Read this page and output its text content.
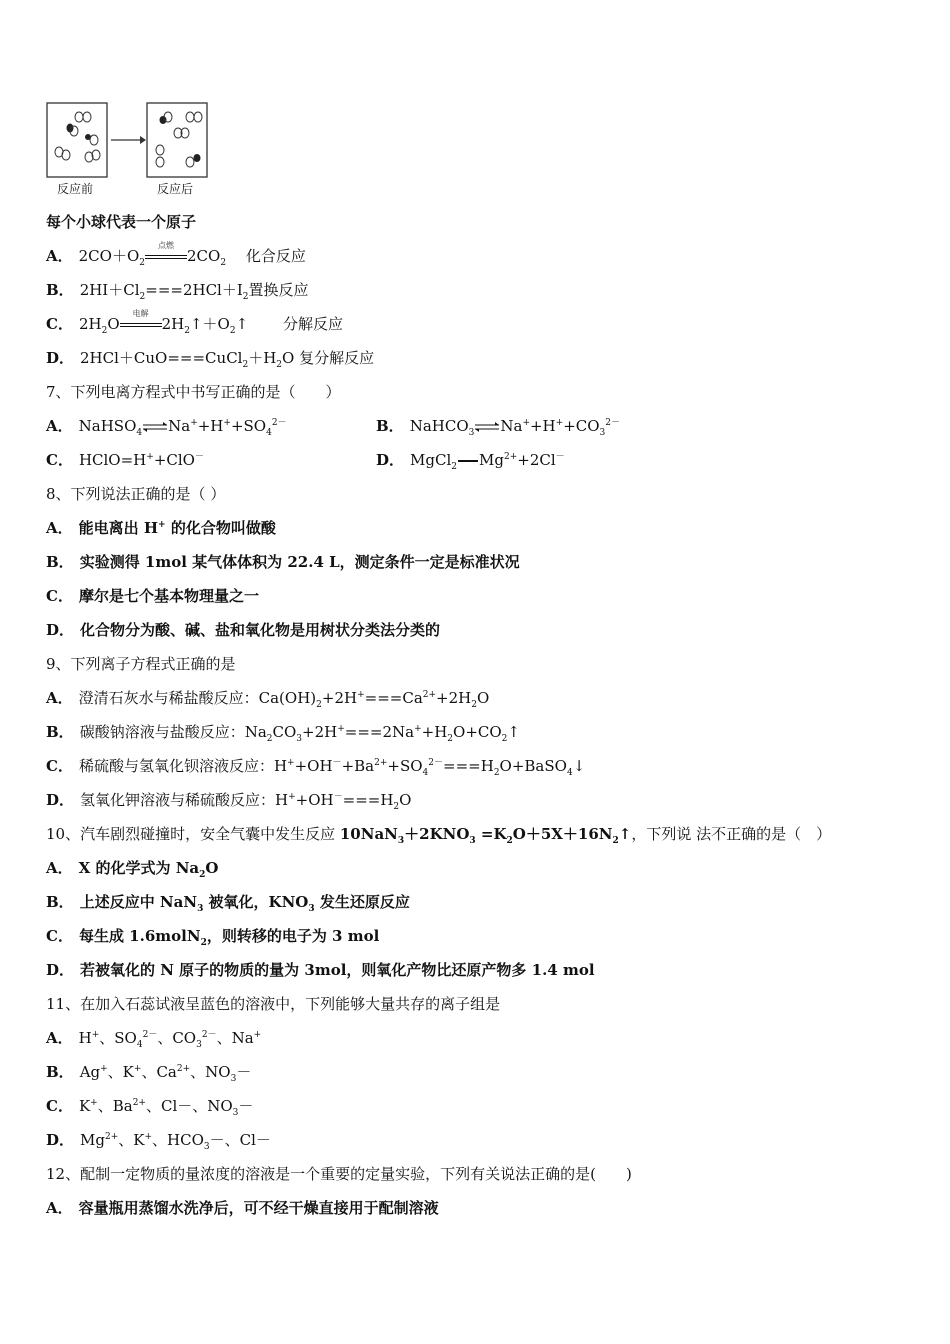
反应前	反应后
每个小球代表一个原子
A． $2CO+O_2$
点燃
$2CO_2$　 化合反应
B． $2HI+Cl_2===2HCl+I_2$置换反应
C． $2H_2O$
电解
$2H_2↑+O_2↑$　 　 分解反应
D． $2HCl+CuO===CuCl_2+H_2O$ 复分解反应
7、下列电离方程式中书写正确的是（　　）
A． NaHSO$_4$ $\rightleftharpoons Na^++H^++SO_4^{2-}$	B． NaHCO$_3$ $\rightleftharpoons Na^++H^++CO_3^{2-}$
C． HClO=H++ClO－	D． MgCl$_2$ $Mg^{2+}+2Cl^-$
8、下列说法正确的是（ ）
A． 能电离出 H+ 的化合物叫做酸
B． 实验测得 1mol 某气体体积为 22.4 L，测定条件一定是标准状况
C． 摩尔是七个基本物理量之一
D． 化合物分为酸、碱、盐和氧化物是用树状分类法分类的
9、下列离子方程式正确的是
A． 澄清石灰水与稀盐酸反应：$Ca(OH)_2+2H^+===Ca^{2+}+2H_2O$
B． 碳酸钠溶液与盐酸反应：$Na_2CO_3+2H^+===2Na^++H_2O+CO_2↑$
C． 稀硫酸与氢氧化钡溶液反应：$H^++OH^-+Ba^{2+}+SO_4^{2-}===H_2O+BaSO_4↓$
D． 氢氧化钾溶液与稀硫酸反应：$H^++OH^-===H_2O$
10、汽车剧烈碰撞时，安全气囊中发生反应 $10NaN_3+2KNO_3$ $=K_2O+5X+16N_2↑$，下列说 法不正确的是（　）
A． X 的化学式为 $Na_2O$
B． 上述反应中 NaN$_3$ 被氧化，$KNO_3$ 发生还原反应
C． 每生成 1.6molN$_2$，则转移的电子为 3 mol
D． 若被氧化的 N 原子的物质的量为 3mol，则氧化产物比还原产物多 1.4 mol
11、在加入石蕊试液呈蓝色的溶液中，下列能够大量共存的离子组是
A． H+、$SO_4^{2-}$、$CO_3^{2-}$、Na+
B． Ag+、K+、$Ca^{2+}$、$NO_3-$
C． K+、$Ba^{2+}$、Cl－、$NO_3-$
D． $Mg^{2+}$、K+、$HCO_3-$、Cl－
12、配制一定物质的量浓度的溶液是一个重要的定量实验，下列有关说法正确的是(　　)
A． 容量瓶用蒸馏水洗净后，可不经干燥直接用于配制溶液
